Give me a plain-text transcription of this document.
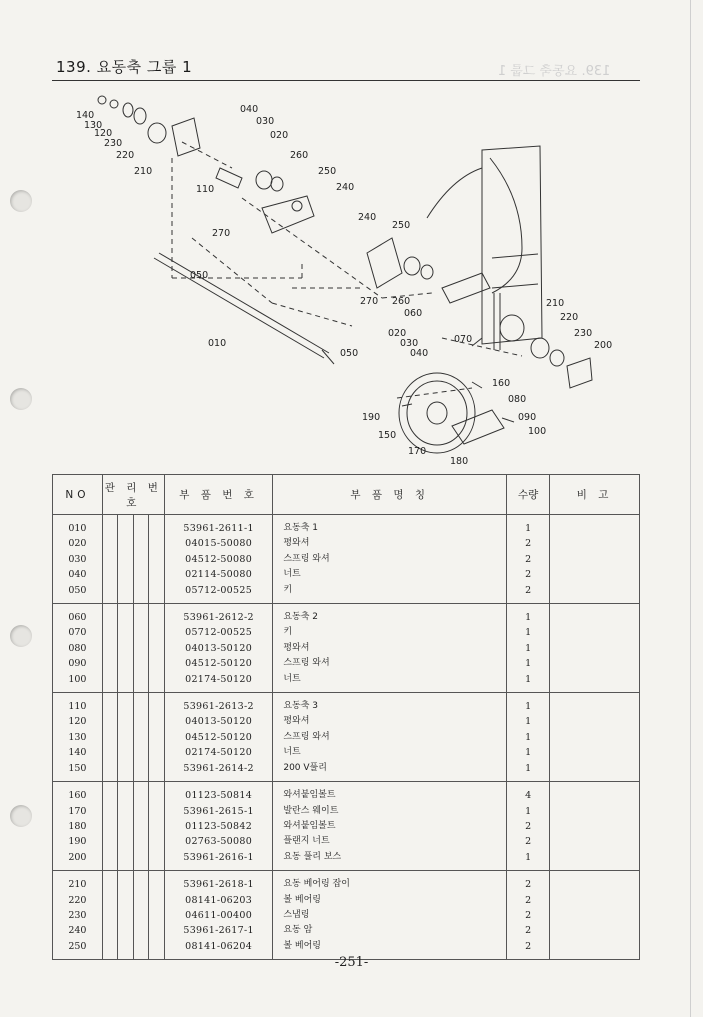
139. 요동축 그룹 1
139. 요동축 그룹 1
140
130
120
230
220
210
040
030
020
260
250
240
110
270
050
010
050
240
250
270 260
060
210
220
230
200
020
030
040
070
160
080
090
100
190
150
170
180
NO	관 리 번 호				부 품 번 호	부 품 명 칭	수량	비 고
010					53961-2611-1	요동축 1	1	
020					04015-50080	평와셔	2	
030					04512-50080	스프링 와셔	2	
040					02114-50080	너트	2	
050					05712-00525	키	2	
060					53961-2612-2	요동축 2	1	
070					05712-00525	키	1	
080					04013-50120	평와셔	1	
090					04512-50120	스프링 와셔	1	
100					02174-50120	너트	1	
110					53961-2613-2	요동축 3	1	
120					04013-50120	평와셔	1	
130					04512-50120	스프링 와셔	1	
140					02174-50120	너트	1	
150					53961-2614-2	200 V풀리	1	
160					01123-50814	와셔붙임볼트	4	
170					53961-2615-1	발란스 웨이트	1	
180					01123-50842	와셔붙임볼트	2	
190					02763-50080	플랜지 너트	2	
200					53961-2616-1	요동 풀리 보스	1	
210					53961-2618-1	요동 베어링 잡이	2	
220					08141-06203	볼 베어링	2	
230					04611-00400	스냅링	2	
240					53961-2617-1	요동 암	2	
250					08141-06204	볼 베어링	2	
-251-
